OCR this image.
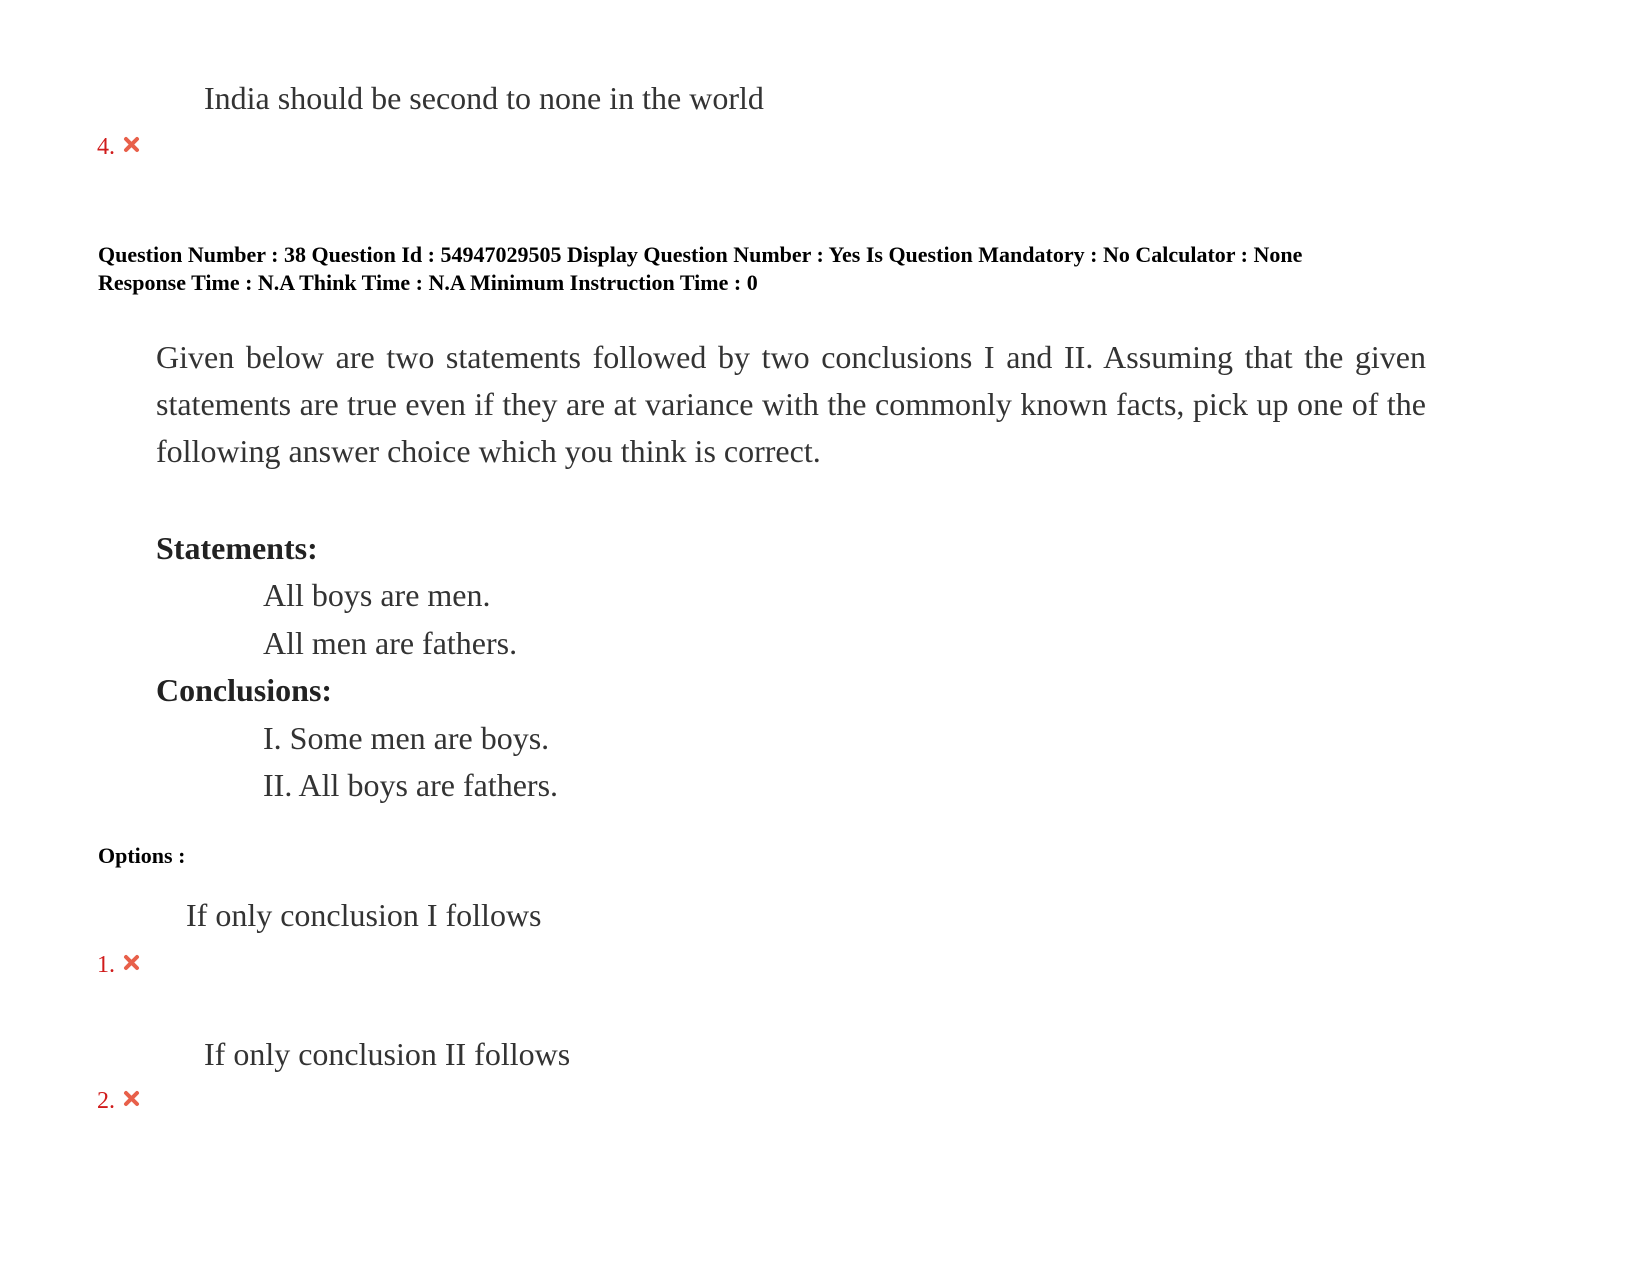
India should be second to none in the world
4.
Question Number : 38 Question Id : 54947029505 Display Question Number : Yes Is Question Mandatory : No Calculator : None
Response Time : N.A Think Time : N.A Minimum Instruction Time : 0
Given below are two statements followed by two conclusions I and II. Assuming that the given statements are true even if they are at variance with the commonly known facts, pick up one of the following answer choice which you think is correct.
Statements:
All boys are men.
All men are fathers.
Conclusions:
I. Some men are boys.
II. All boys are fathers.
Options :
If only conclusion I follows
1.
If only conclusion II follows
2.
